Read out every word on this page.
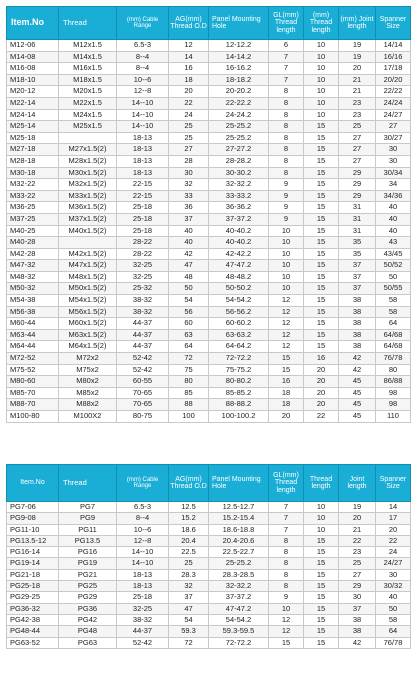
Item.No	Thread	(mm) Cable Range	AG(mm) Thread O.D	Panel Mounting Hole	GL(mm) Thread length	(mm) Thread length	(mm) Joint length	Spanner Size
M12-06	M12x1.5	6.5-3	12	12-12.2	6	10	19	14/14
M14-08	M14x1.5	8--4	14	14-14.2	7	10	19	16/16
M16-08	M16x1.5	8--4	16	16-16.2	7	10	20	17/18
M18-10	M18x1.5	10--6	18	18-18.2	7	10	21	20/20
M20-12	M20x1.5	12--8	20	20-20.2	8	10	21	22/22
M22-14	M22x1.5	14--10	22	22-22.2	8	10	23	24/24
M24-14	M24x1.5	14--10	24	24-24.2	8	10	23	24/27
M25-14	M25x1.5	14--10	25	25-25.2	8	15	25	27
M25-18		18-13	25	25-25.2	8	15	27	30/27
M27-18	M27x1.5(2)	18-13	27	27-27.2	8	15	27	30
M28-18	M28x1.5(2)	18-13	28	28-28.2	8	15	27	30
M30-18	M30x1.5(2)	18-13	30	30-30.2	8	15	29	30/34
M32-22	M32x1.5(2)	22-15	32	32-32.2	9	15	29	34
M33-22	M33x1.5(2)	22-15	33	33-33.2	9	15	29	34/36
M36-25	M36x1.5(2)	25-18	36	36-36.2	9	15	31	40
M37-25	M37x1.5(2)	25-18	37	37-37.2	9	15	31	40
M40-25	M40x1.5(2)	25-18	40	40-40.2	10	15	31	40
M40-28		28-22	40	40-40.2	10	15	35	43
M42-28	M42x1.5(2)	28-22	42	42-42.2	10	15	35	43/45
M47-32	M47x1.5(2)	32-25	47	47-47.2	10	15	37	50/52
M48-32	M48x1.5(2)	32-25	48	48-48.2	10	15	37	50
M50-32	M50x1.5(2)	25-32	50	50-50.2	10	15	37	50/55
M54-38	M54x1.5(2)	38-32	54	54-54.2	12	15	38	58
M56-38	M56x1.5(2)	38-32	56	56-56.2	12	15	38	58
M60-44	M60x1.5(2)	44-37	60	60-60.2	12	15	38	64
M63-44	M63x1.5(2)	44-37	63	63-63.2	12	15	38	64/68
M64-44	M64x1.5(2)	44-37	64	64-64.2	12	15	38	64/68
M72-52	M72x2	52-42	72	72-72.2	15	16	42	76/78
M75-52	M75x2	52-42	75	75-75.2	15	20	42	80
M80-60	M80x2	60-55	80	80-80.2	16	20	45	86/88
M85-70	M85x2	70-65	85	85-85.2	18	20	45	98
M88-70	M88x2	70-65	88	88-88.2	18	20	45	98
M100-80	M100X2	80-75	100	100-100.2	20	22	45	110
Item.No	Thread	(mm) Cable Range	AG(mm) Thread O.D	Panel Mounting Hole	GL(mm) Thread length	Thread length	Joint length	Spanner Size
PG7-06	PG7	6.5-3	12.5	12.5-12.7	7	10	19	14
PG9-08	PG9	8--4	15.2	15.2-15.4	7	10	20	17
PG11-10	PG11	10--6	18.6	18.6-18.8	7	10	21	20
PG13.5-12	PG13.5	12--8	20.4	20.4-20.6	8	15	22	22
PG16-14	PG16	14--10	22.5	22.5-22.7	8	15	23	24
PG19-14	PG19	14--10	25	25-25.2	8	15	25	24/27
PG21-18	PG21	18-13	28.3	28.3-28.5	8	15	27	30
PG25-18	PG25	18-13	32	32-32.2	8	15	29	30/32
PG29-25	PG29	25-18	37	37-37.2	9	15	30	40
PG36-32	PG36	32-25	47	47-47.2	10	15	37	50
PG42-38	PG42	38-32	54	54-54.2	12	15	38	58
PG48-44	PG48	44-37	59.3	59.3-59.5	12	15	38	64
PG63-52	PG63	52-42	72	72-72.2	15	15	42	76/78
